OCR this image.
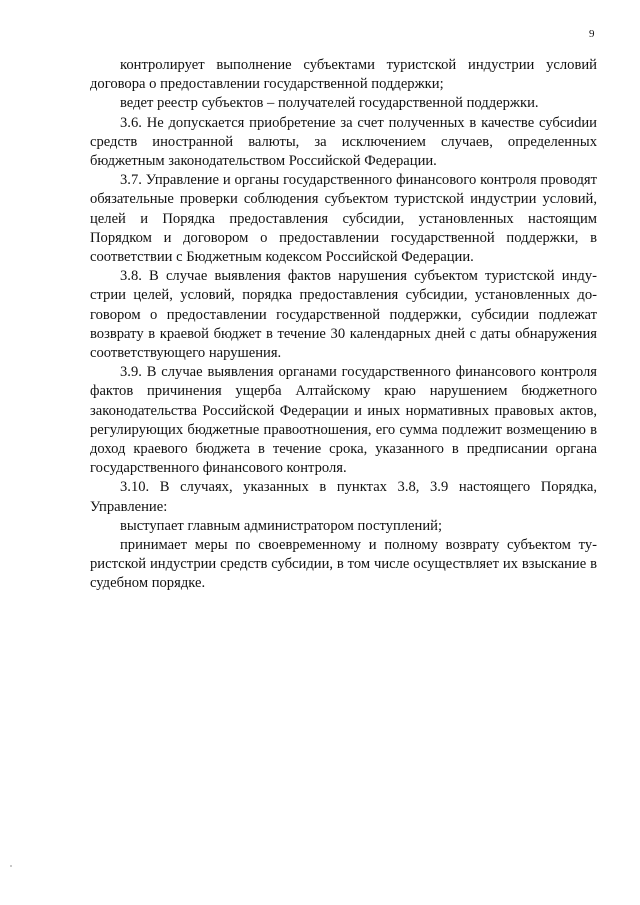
9

контролирует выполнение субъектами туристской индустрии условий договора о предоставлении государственной поддержки;

ведет реестр субъектов – получателей государственной поддержки.

3.6. Не допускается приобретение за счет полученных в качестве субсиdии средств иностранной валюты, за исключением случаев, определенных бюджетным законодательством Российской Федерации.

3.7. Управление и органы государственного финансового контроля проводят обязательные проверки соблюдения субъектом туристской индустрии условий, целей и Порядка предоставления субсидии, установленных настоящим Порядком и договором о предоставлении государственной поддержки, в соответствии с Бюджетным кодексом Российской Федерации.

3.8. В случае выявления фактов нарушения субъектом туристской индустрии целей, условий, порядка предоставления субсидии, установленных договором о предоставлении государственной поддержки, субсидии подлежат возврату в краевой бюджет в течение 30 календарных дней с даты обнаружения соответствующего нарушения.

3.9. В случае выявления органами государственного финансового контроля фактов причинения ущерба Алтайскому краю нарушением бюджетного законодательства Российской Федерации и иных нормативных правовых актов, регулирующих бюджетные правоотношения, его сумма подлежит возмещению в доход краевого бюджета в течение срока, указанного в предписании органа государственного финансового контроля.

3.10. В случаях, указанных в пунктах 3.8, 3.9 настоящего Порядка, Управление:

выступает главным администратором поступлений;

принимает меры по своевременному и полному возврату субъектом туристской индустрии средств субсидии, в том числе осуществляет их взыскание в судебном порядке.
